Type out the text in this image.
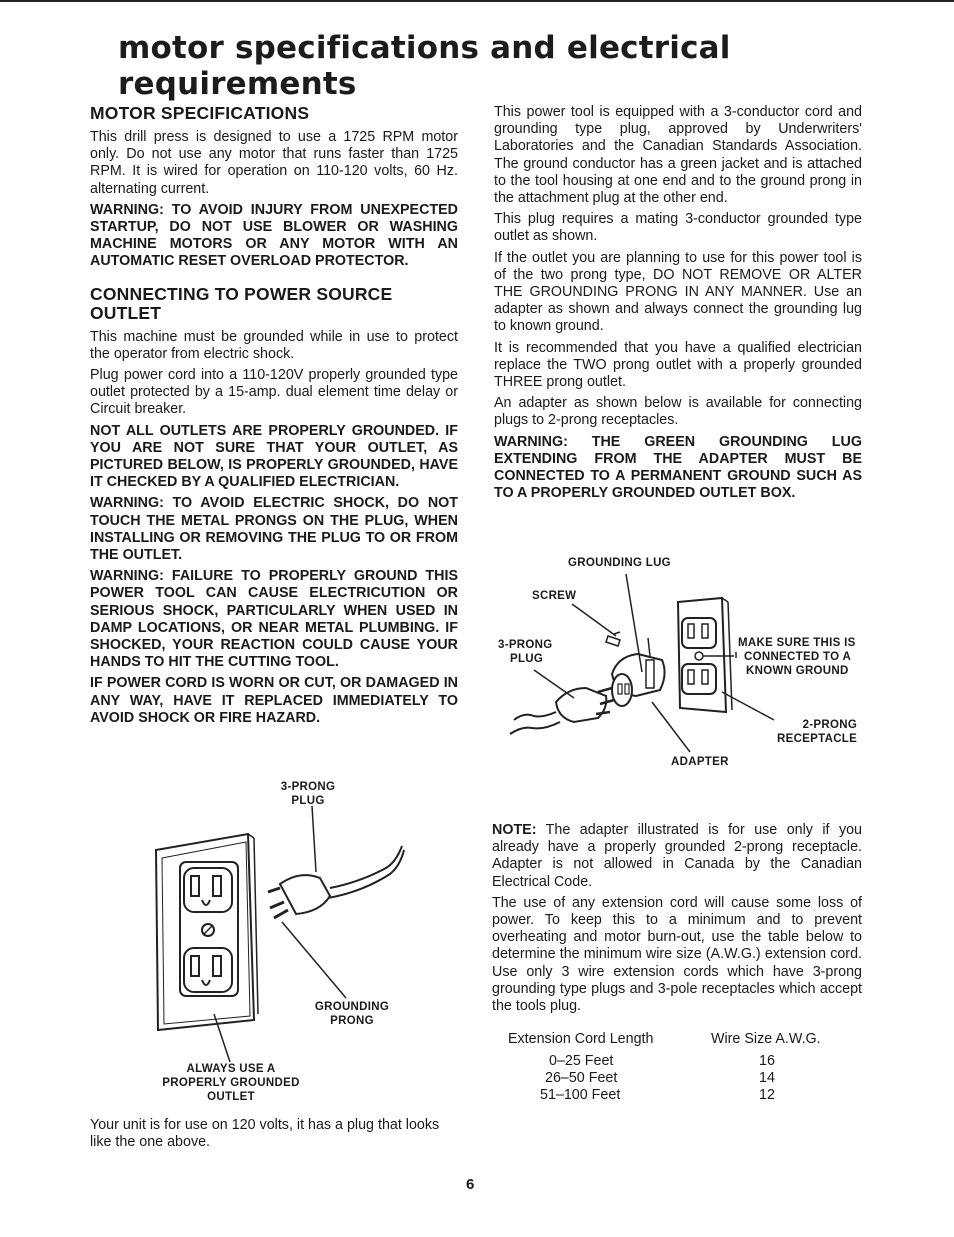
motor specifications and electrical requirements
MOTOR SPECIFICATIONS

This drill press is designed to use a 1725 RPM motor only. Do not use any motor that runs faster than 1725 RPM. It is wired for operation on 110-120 volts, 60 Hz. alternating current.

WARNING: TO AVOID INJURY FROM UNEXPECTED STARTUP, DO NOT USE BLOWER OR WASHING MACHINE MOTORS OR ANY MOTOR WITH AN AUTOMATIC RESET OVERLOAD PROTECTOR.

CONNECTING TO POWER SOURCE OUTLET

This machine must be grounded while in use to protect the operator from electric shock.

Plug power cord into a 110-120V properly grounded type outlet protected by a 15-amp. dual element time delay or Circuit breaker.

NOT ALL OUTLETS ARE PROPERLY GROUNDED. IF YOU ARE NOT SURE THAT YOUR OUTLET, AS PICTURED BELOW, IS PROPERLY GROUNDED, HAVE IT CHECKED BY A QUALIFIED ELECTRICIAN.

WARNING: TO AVOID ELECTRIC SHOCK, DO NOT TOUCH THE METAL PRONGS ON THE PLUG, WHEN INSTALLING OR REMOVING THE PLUG TO OR FROM THE OUTLET.

WARNING: FAILURE TO PROPERLY GROUND THIS POWER TOOL CAN CAUSE ELECTRICUTION OR SERIOUS SHOCK, PARTICULARLY WHEN USED IN DAMP LOCATIONS, OR NEAR METAL PLUMBING. IF SHOCKED, YOUR REACTION COULD CAUSE YOUR HANDS TO HIT THE CUTTING TOOL.

IF POWER CORD IS WORN OR CUT, OR DAMAGED IN ANY WAY, HAVE IT REPLACED IMMEDIATELY TO AVOID SHOCK OR FIRE HAZARD.

3-PRONG
PLUG
GROUNDING
PRONG
ALWAYS USE A
PROPERLY GROUNDED
OUTLET
Your unit is for use on 120 volts, it has a plug that looks like the one above.

This power tool is equipped with a 3-conductor cord and grounding type plug, approved by Underwriters' Laboratories and the Canadian Standards Association. The ground conductor has a green jacket and is attached to the tool housing at one end and to the ground prong in the attachment plug at the other end.

This plug requires a mating 3-conductor grounded type outlet as shown.

If the outlet you are planning to use for this power tool is of the two prong type, DO NOT REMOVE OR ALTER THE GROUNDING PRONG IN ANY MANNER. Use an adapter as shown and always connect the grounding lug to known ground.

It is recommended that you have a qualified electrician replace the TWO prong outlet with a properly grounded THREE prong outlet.

An adapter as shown below is available for connecting plugs to 2-prong receptacles.

WARNING: THE GREEN GROUNDING LUG EXTENDING FROM THE ADAPTER MUST BE CONNECTED TO A PERMANENT GROUND SUCH AS TO A PROPERLY GROUNDED OUTLET BOX.

GROUNDING LUG
SCREW
3-PRONG
PLUG
MAKE SURE THIS IS
CONNECTED TO A
KNOWN GROUND
2-PRONG
RECEPTACLE
ADAPTER

NOTE: The adapter illustrated is for use only if you already have a properly grounded 2-prong receptacle. Adapter is not allowed in Canada by the Canadian Electrical Code.

The use of any extension cord will cause some loss of power. To keep this to a minimum and to prevent overheating and motor burn-out, use the table below to determine the minimum wire size (A.W.G.) extension cord. Use only 3 wire extension cords which have 3-prong grounding type plugs and 3-pole receptacles which accept the tools plug.

Extension Cord Length	Wire Size A.W.G.
0–25 Feet	16
26–50 Feet	14
51–100 Feet	12
6
